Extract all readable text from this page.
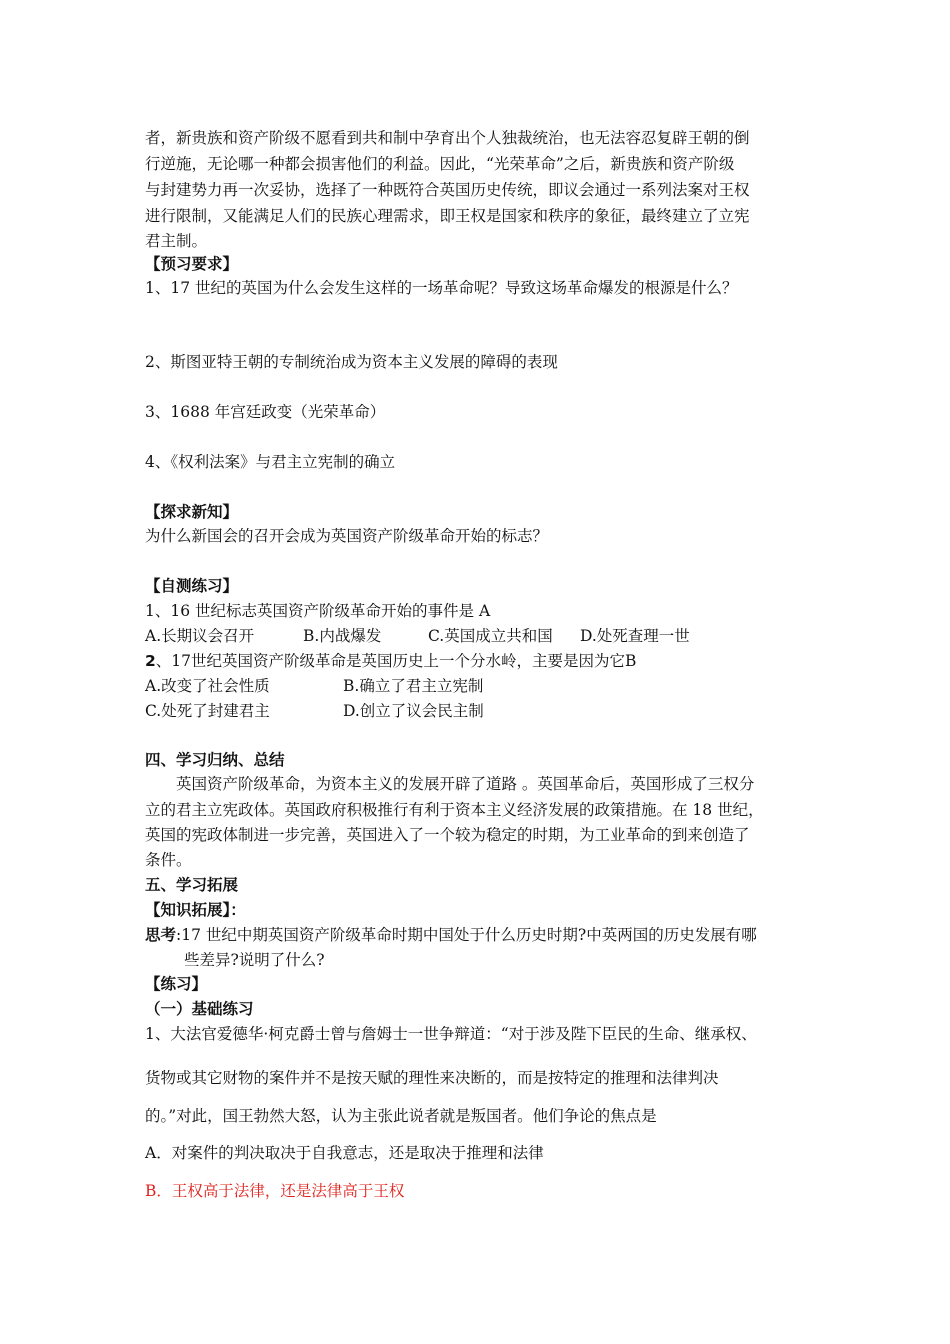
者，新贵族和资产阶级不愿看到共和制中孕育出个人独裁统治，也无法容忍复辟王朝的倒
行逆施，无论哪一种都会损害他们的利益。因此，“光荣革命”之后，新贵族和资产阶级
与封建势力再一次妥协，选择了一种既符合英国历史传统，即议会通过一系列法案对王权
进行限制，又能满足人们的民族心理需求，即王权是国家和秩序的象征，最终建立了立宪
君主制。
【预习要求】
1、17 世纪的英国为什么会发生这样的一场革命呢？导致这场革命爆发的根源是什么？
2、斯图亚特王朝的专制统治成为资本主义发展的障碍的表现
3、1688 年宫廷政变（光荣革命）
4、《权利法案》与君主立宪制的确立
【探求新知】
为什么新国会的召开会成为英国资产阶级革命开始的标志？
【自测练习】
1、16 世纪标志英国资产阶级革命开始的事件是 A
A.长期议会召开	B.内战爆发	C.英国成立共和国 D.处死查理一世
2、17世纪英国资产阶级革命是英国历史上一个分水岭，主要是因为它B
A.改变了社会性质	B.确立了君主立宪制
C.处死了封建君主	D.创立了议会民主制
四、学习归纳、总结
英国资产阶级革命，为资本主义的发展开辟了道路 。英国革命后，英国形成了三权分
立的君主立宪政体。英国政府积极推行有利于资本主义经济发展的政策措施。在 18 世纪，
英国的宪政体制进一步完善，英国进入了一个较为稳定的时期，为工业革命的到来创造了
条件。
五、学习拓展
【知识拓展】：
思考:17 世纪中期英国资产阶级革命时期中国处于什么历史时期?中英两国的历史发展有哪
些差异?说明了什么?
【练习】
（一）基础练习
1、大法官爱德华·柯克爵士曾与詹姆士一世争辩道：“对于涉及陛下臣民的生命、继承权、
货物或其它财物的案件并不是按天赋的理性来决断的，而是按特定的推理和法律判决
的。”对此，国王勃然大怒，认为主张此说者就是叛国者。他们争论的焦点是
A．对案件的判决取决于自我意志，还是取决于推理和法律
B．王权高于法律，还是法律高于王权
